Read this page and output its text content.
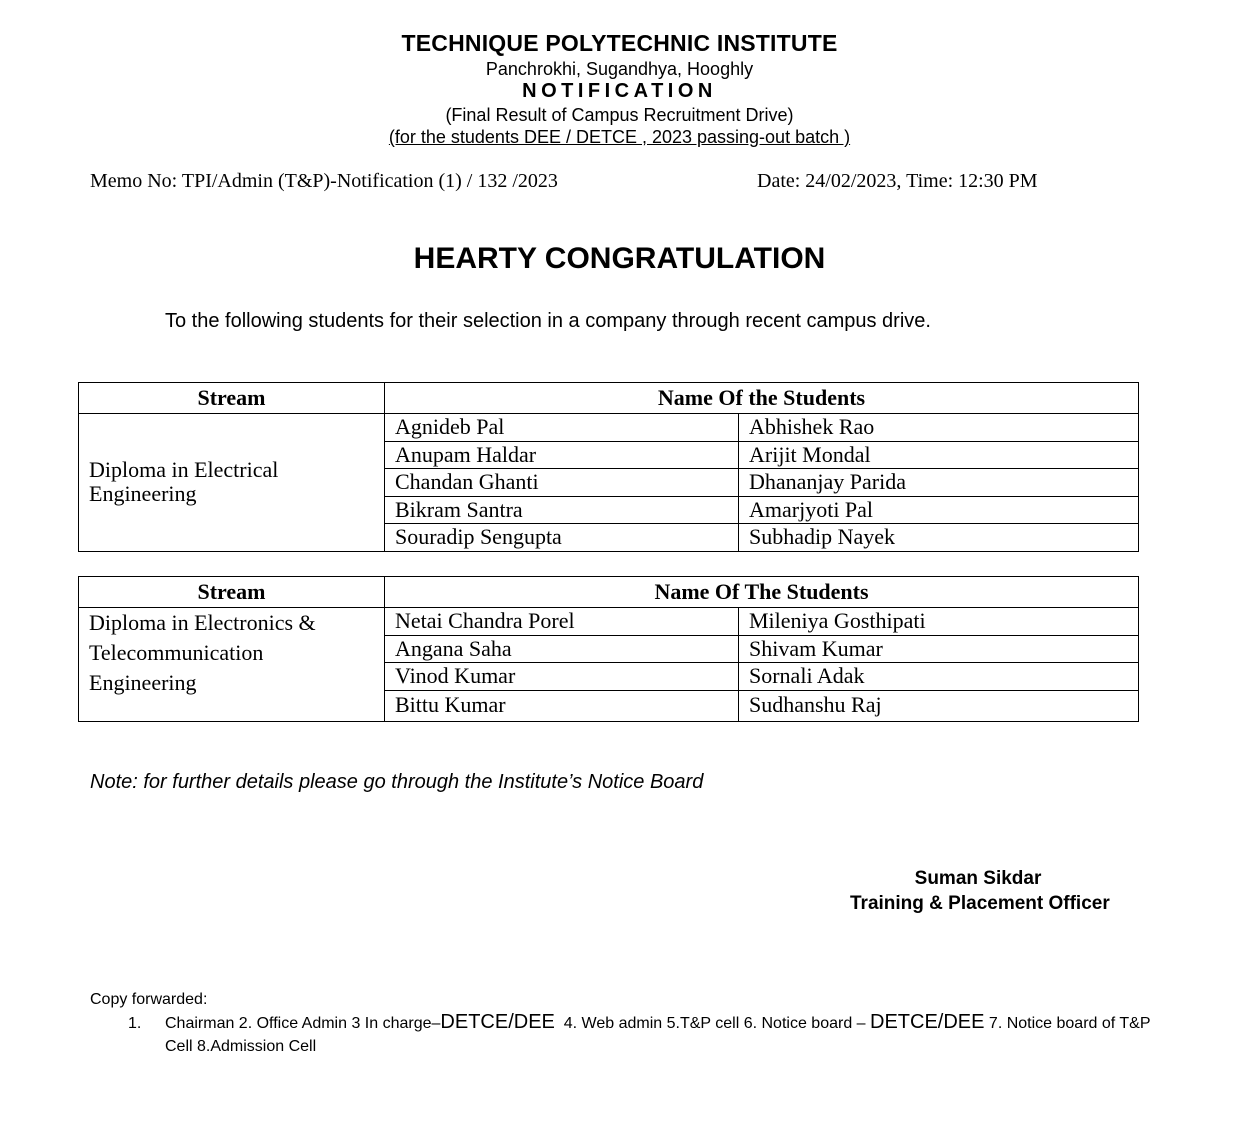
TECHNIQUE POLYTECHNIC INSTITUTE
Panchrokhi, Sugandhya, Hooghly
NOTIFICATION
(Final Result of Campus Recruitment Drive)
(for the students DEE / DETCE , 2023 passing-out batch )
Memo No: TPI/Admin (T&P)-Notification (1) / 132 /2023	Date: 24/02/2023, Time: 12:30 PM
HEARTY CONGRATULATION
To the following students for their selection in a company through recent campus drive.
Stream	Name Of the Students	
Diploma in Electrical Engineering	Agnideb Pal	Abhishek Rao
	Anupam Haldar	Arijit Mondal
	Chandan Ghanti	Dhananjay Parida
	Bikram Santra	Amarjyoti Pal
	Souradip Sengupta	Subhadip Nayek
Stream	Name Of The Students	
Diploma in Electronics & Telecommunication Engineering	Netai Chandra Porel	Mileniya Gosthipati
	Angana Saha	Shivam Kumar
	Vinod Kumar	Sornali Adak
	Bittu Kumar	Sudhanshu Raj
Note: for further details please go through the Institute’s Notice Board
Suman Sikdar
Training & Placement Officer
Copy forwarded:
1. Chairman 2. Office Admin 3 In charge–DETCE/DEE  4. Web admin 5.T&P cell 6. Notice board – DETCE/DEE 7. Notice board of T&P Cell 8.Admission Cell
